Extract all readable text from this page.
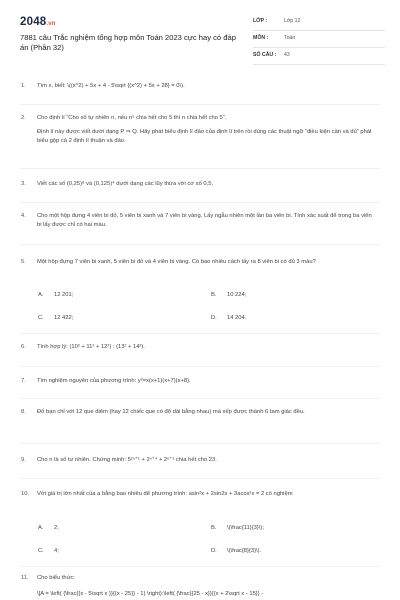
2048.vn
7881 câu Trắc nghiệm tổng hợp môn Toán 2023 cực hay có đáp án (Phần 32)
LỚP :	Lớp 12
MÔN :	Toán
SỐ CÂU : 43
1. Tìm x, biết: \((x^2) + 5x + 4 - 5\sqrt {(x^2) + 5x + 28} = 0\).
2. Cho định lí “Cho số tự nhiên n, nếu n⁵ chia hết cho 5 thì n chia hết cho 5”.
Định lí này được viết dưới dạng P ⇒ Q. Hãy phát biểu định lí đảo của định lí trên rồi dùng các thuật ngữ “điều kiện cần và đủ” phát biểu gộp cả 2 định lí thuận và đảo.
3. Viết các số (0,25)⁸ và (0,125)⁴ dưới dạng các lũy thừa với cơ số 0,5.
4. Cho một hộp đựng 4 viên bi đỏ, 5 viên bi xanh và 7 viên bi vàng. Lấy ngẫu nhiên một lần ba viên bi. Tính xác suất để trong ba viên bi lấy được chỉ có hai màu.
5. Một hộp đựng 7 viên bi xanh, 5 viên bi đỏ và 4 viên bi vàng. Có bao nhiêu cách lấy ra 8 viên bi có đủ 3 màu?
A. 12 201;	B. 10 224;
C. 12 422;	D. 14 204.
6. Tính hợp lý: (10² + 11² + 12²) : (13² + 14²).
7. Tìm nghiệm nguyên của phương trình: y²=x(x+1)(x+7)(x+8).
8. Đố bạn chỉ với 12 que diêm (hay 12 chiếc que có độ dài bằng nhau) mà xếp được thành 6 tam giác đều.
9. Cho n là số tự nhiên. Chứng minh: 5²ⁿ⁺¹ + 2ⁿ⁺⁴ + 2ⁿ⁺¹ chia hết cho 23.
10. Với giá trị lớn nhất của a bằng bao nhiêu để phương trình: asin²x + 2sin2x + 3acos²x = 2 có nghiệm
A. 2;	B. \(\frac{11}{3}\);
C. 4;	D. \(\frac{8}{3}\).
11. Cho biểu thức:
\[A = \left( {\frac{{x - 5\sqrt x }}{{x - 25}} - 1} \right):\left( {\frac{{25 - x}}{{x + 2\sqrt x - 15}} -
